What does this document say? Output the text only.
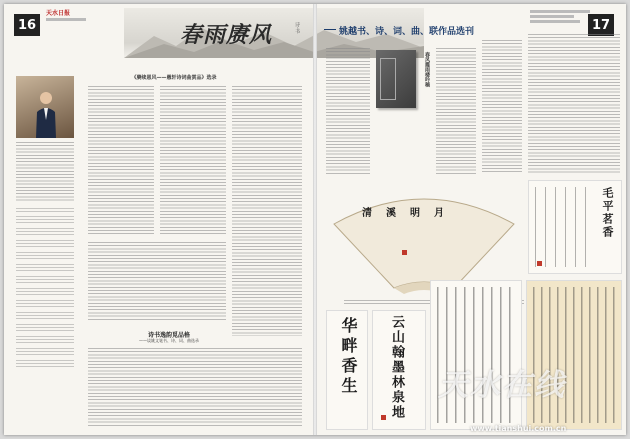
16
天水日报
春雨赓风	诗·书	姚越书、诗、词、曲、联作品选刊	17
《赓续恩风——愚轩诗词曲赏品》选录
诗书逸韵觅品格
——谈姚文笔书、诗、词、曲选录
春风霞雨楼吟稿
清溪明月	毛平茗香
华畔香生 云山翰墨林泉地 天水在线
www.tianshui.com.cn
